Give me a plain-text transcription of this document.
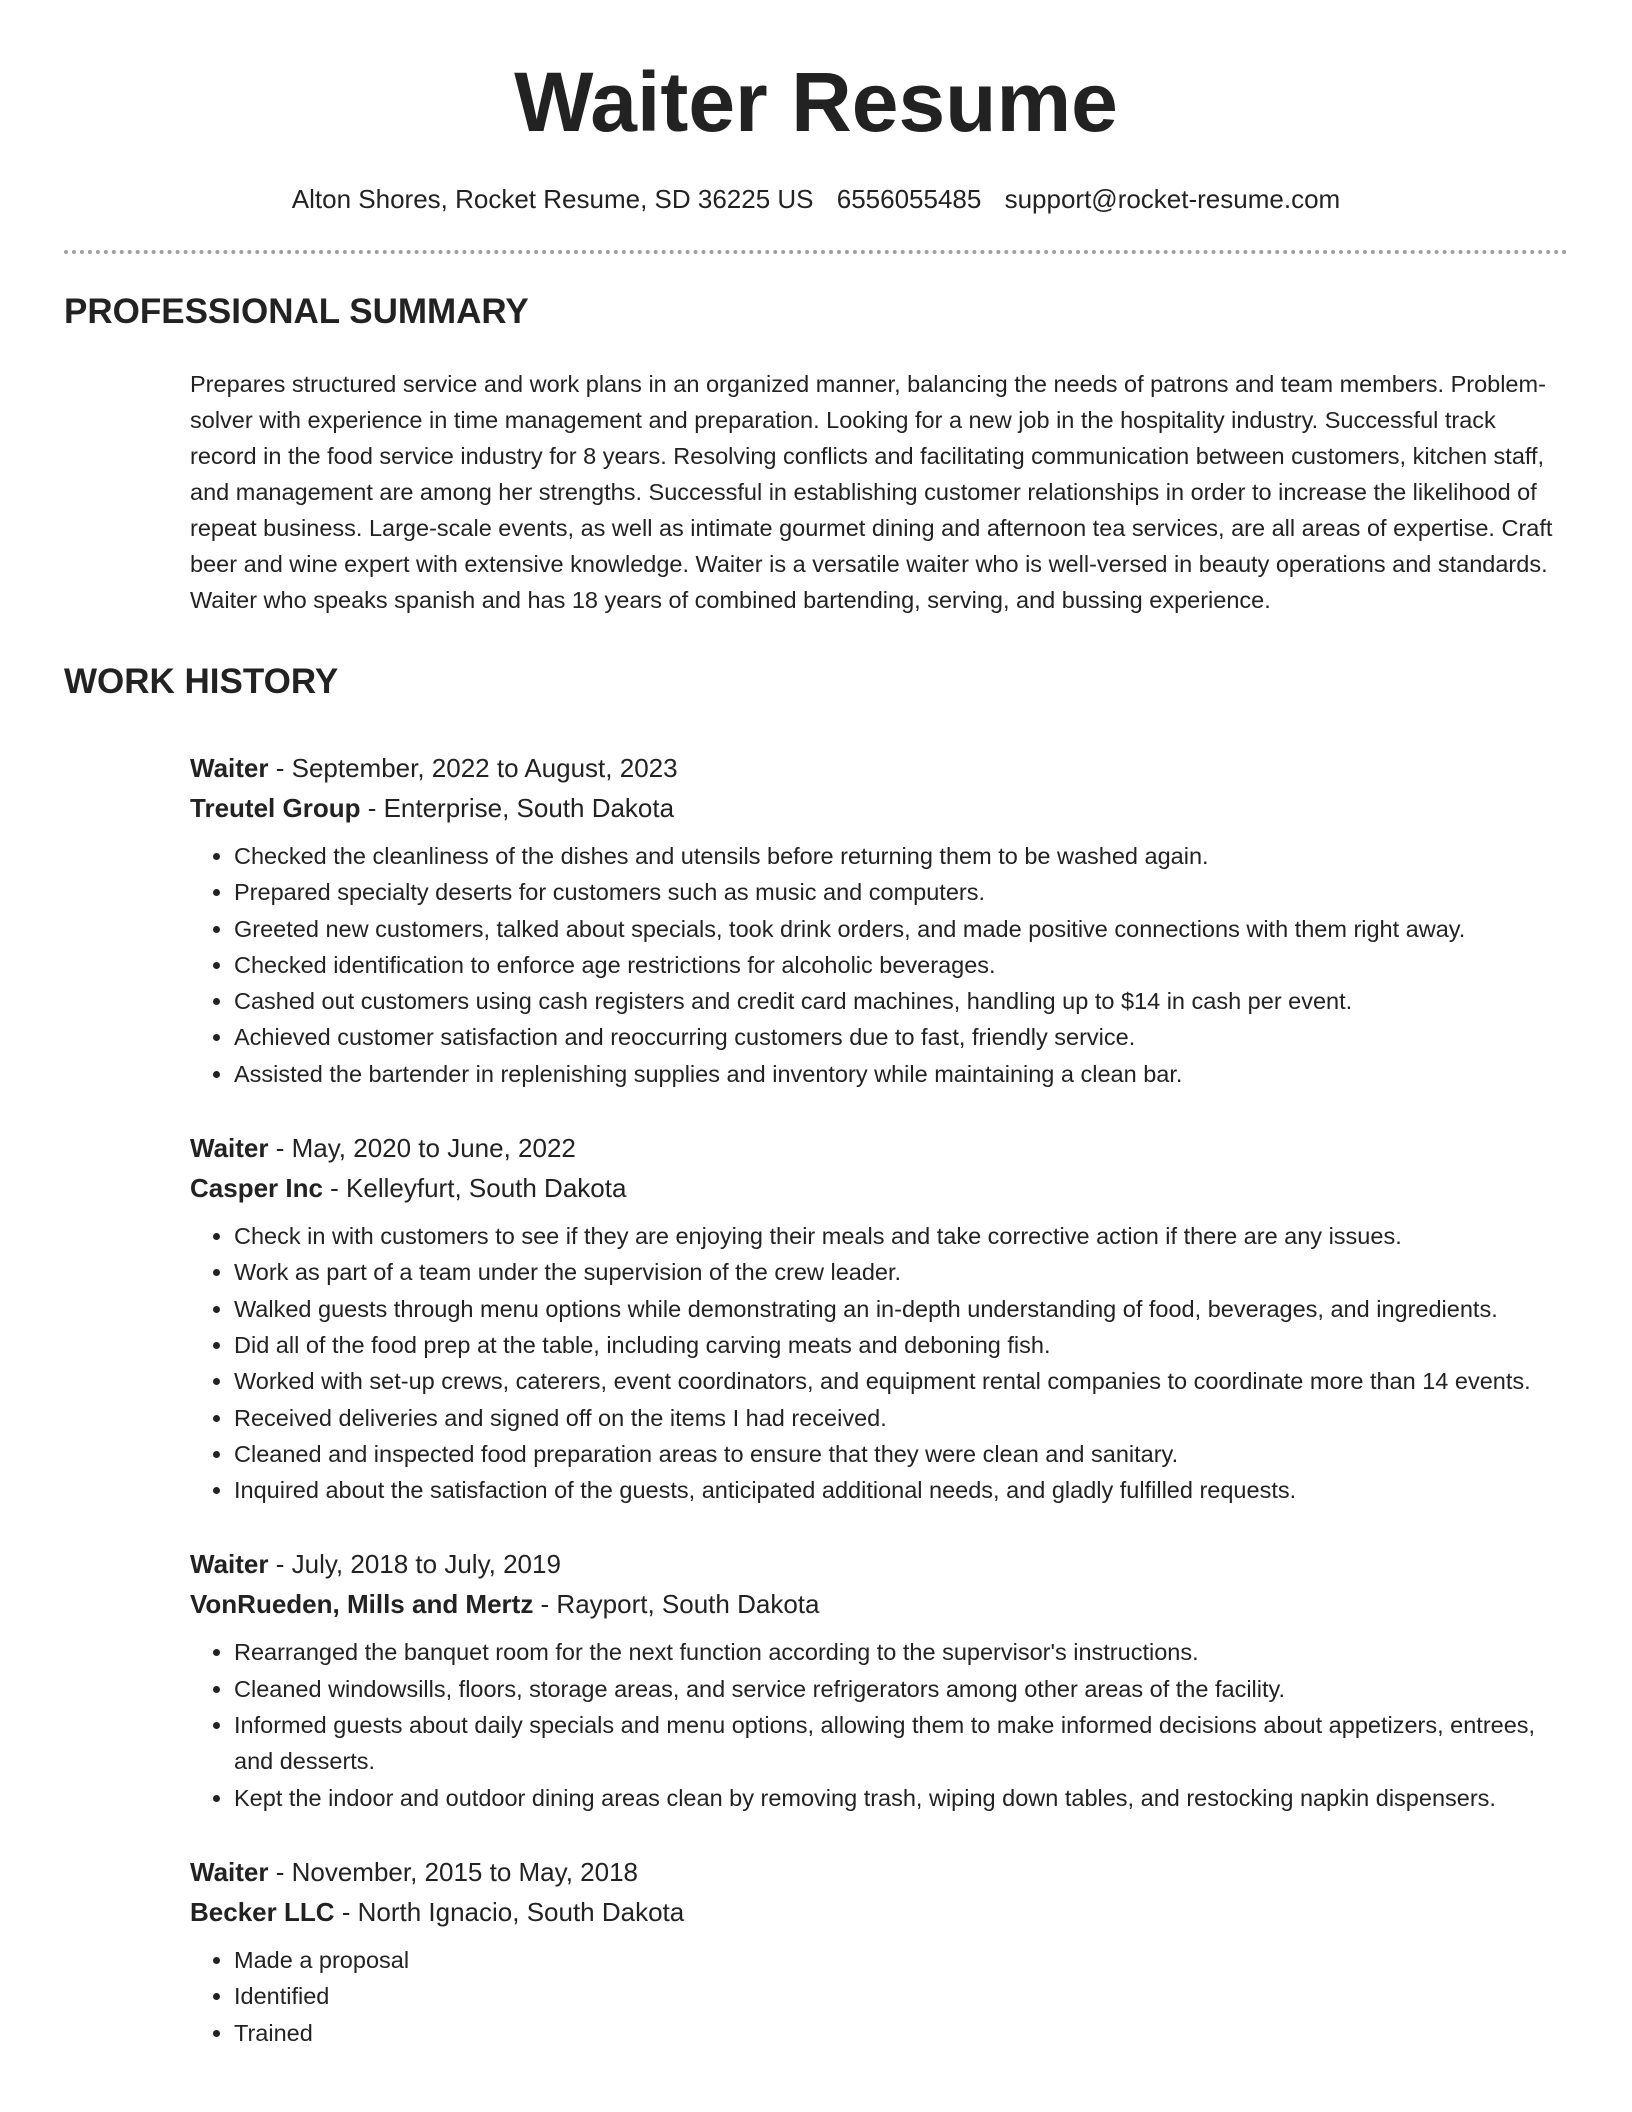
Waiter Resume
Alton Shores, Rocket Resume, SD 36225 US 6556055485 support@rocket-resume.com
PROFESSIONAL SUMMARY

Prepares structured service and work plans in an organized manner, balancing the needs of patrons and team members. Problem-solver with experience in time management and preparation. Looking for a new job in the hospitality industry. Successful track record in the food service industry for 8 years. Resolving conflicts and facilitating communication between customers, kitchen staff, and management are among her strengths. Successful in establishing customer relationships in order to increase the likelihood of repeat business. Large-scale events, as well as intimate gourmet dining and afternoon tea services, are all areas of expertise. Craft beer and wine expert with extensive knowledge. Waiter is a versatile waiter who is well-versed in beauty operations and standards. Waiter who speaks spanish and has 18 years of combined bartending, serving, and bussing experience.

WORK HISTORY
Waiter - September, 2022 to August, 2023
Treutel Group - Enterprise, South Dakota
• Checked the cleanliness of the dishes and utensils before returning them to be washed again.
• Prepared specialty deserts for customers such as music and computers.
• Greeted new customers, talked about specials, took drink orders, and made positive connections with them right away.
• Checked identification to enforce age restrictions for alcoholic beverages.
• Cashed out customers using cash registers and credit card machines, handling up to $14 in cash per event.
• Achieved customer satisfaction and reoccurring customers due to fast, friendly service.
• Assisted the bartender in replenishing supplies and inventory while maintaining a clean bar.
Waiter - May, 2020 to June, 2022
Casper Inc - Kelleyfurt, South Dakota
• Check in with customers to see if they are enjoying their meals and take corrective action if there are any issues.
• Work as part of a team under the supervision of the crew leader.
• Walked guests through menu options while demonstrating an in-depth understanding of food, beverages, and ingredients.
• Did all of the food prep at the table, including carving meats and deboning fish.
• Worked with set-up crews, caterers, event coordinators, and equipment rental companies to coordinate more than 14 events.
• Received deliveries and signed off on the items I had received.
• Cleaned and inspected food preparation areas to ensure that they were clean and sanitary.
• Inquired about the satisfaction of the guests, anticipated additional needs, and gladly fulfilled requests.
Waiter - July, 2018 to July, 2019
VonRueden, Mills and Mertz - Rayport, South Dakota
• Rearranged the banquet room for the next function according to the supervisor's instructions.
• Cleaned windowsills, floors, storage areas, and service refrigerators among other areas of the facility.
• Informed guests about daily specials and menu options, allowing them to make informed decisions about appetizers, entrees, and desserts.
• Kept the indoor and outdoor dining areas clean by removing trash, wiping down tables, and restocking napkin dispensers.
Waiter - November, 2015 to May, 2018
Becker LLC - North Ignacio, South Dakota
• Made a proposal
• Identified
• Trained
